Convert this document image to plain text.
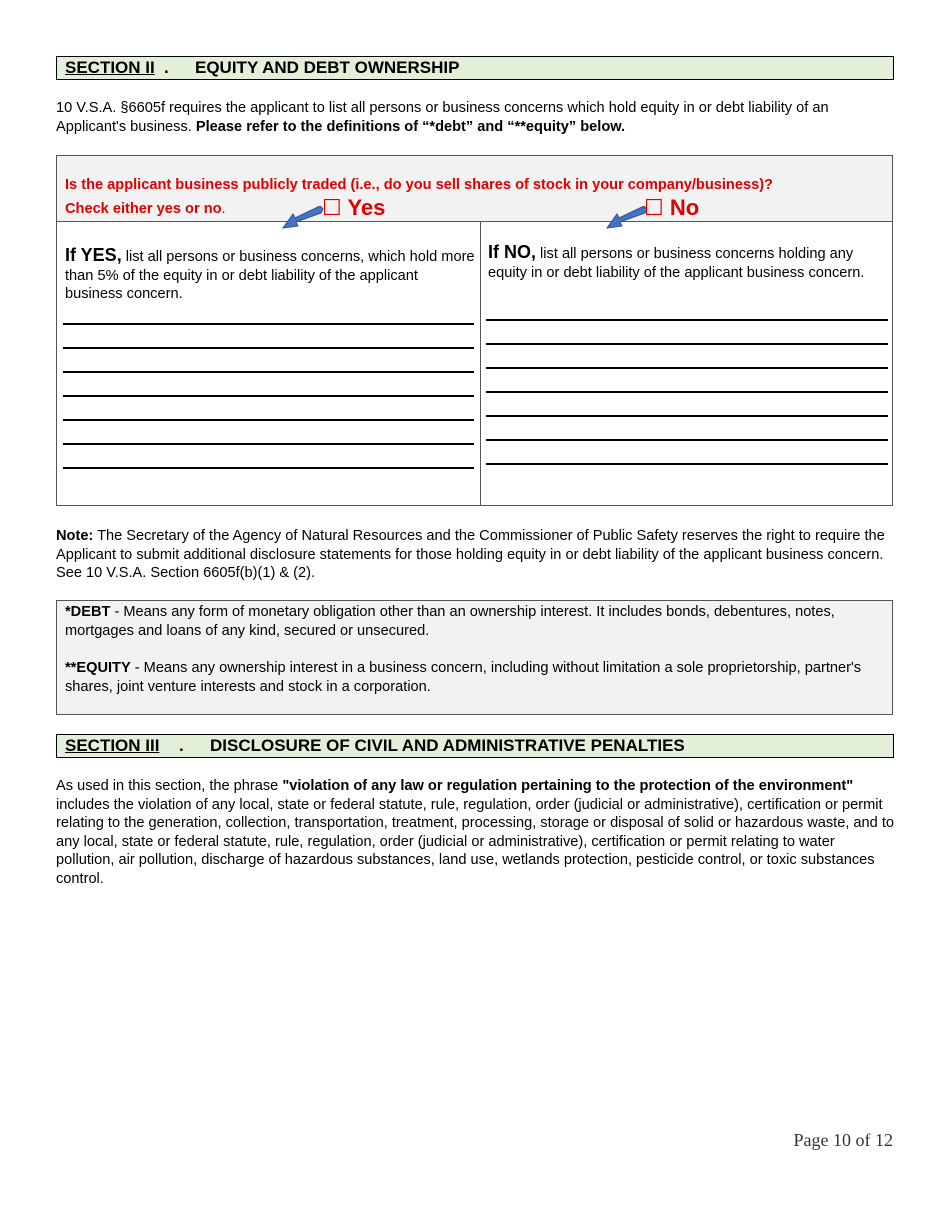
SECTION II . EQUITY AND DEBT OWNERSHIP

10 V.S.A. §6605f requires the applicant to list all persons or business concerns which hold equity in or debt liability of an Applicant's business. Please refer to the definitions of “*debt” and “**equity” below.

Is the applicant business publicly traded (i.e., do you sell shares of stock in your company/business)?
Check either yes or no.	☐ Yes	☐ No

If YES, list all persons or business concerns, which hold more than 5% of the equity in or debt liability of the applicant business concern.

If NO, list all persons or business concerns holding any equity in or debt liability of the applicant business concern.

Note: The Secretary of the Agency of Natural Resources and the Commissioner of Public Safety reserves the right to require the Applicant to submit additional disclosure statements for those holding equity in or debt liability of the applicant business concern. See 10 V.S.A. Section 6605f(b)(1) & (2).

*DEBT - Means any form of monetary obligation other than an ownership interest. It includes bonds, debentures, notes, mortgages and loans of any kind, secured or unsecured.

**EQUITY - Means any ownership interest in a business concern, including without limitation a sole proprietorship, partner's shares, joint venture interests and stock in a corporation.

SECTION III . DISCLOSURE OF CIVIL AND ADMINISTRATIVE PENALTIES

As used in this section, the phrase "violation of any law or regulation pertaining to the protection of the environment" includes the violation of any local, state or federal statute, rule, regulation, order (judicial or administrative), certification or permit relating to the generation, collection, transportation, treatment, processing, storage or disposal of solid or hazardous waste, and to any local, state or federal statute, rule, regulation, order (judicial or administrative), certification or permit relating to water pollution, air pollution, discharge of hazardous substances, land use, wetlands protection, pesticide control, or toxic substances control.

Page 10 of 12
